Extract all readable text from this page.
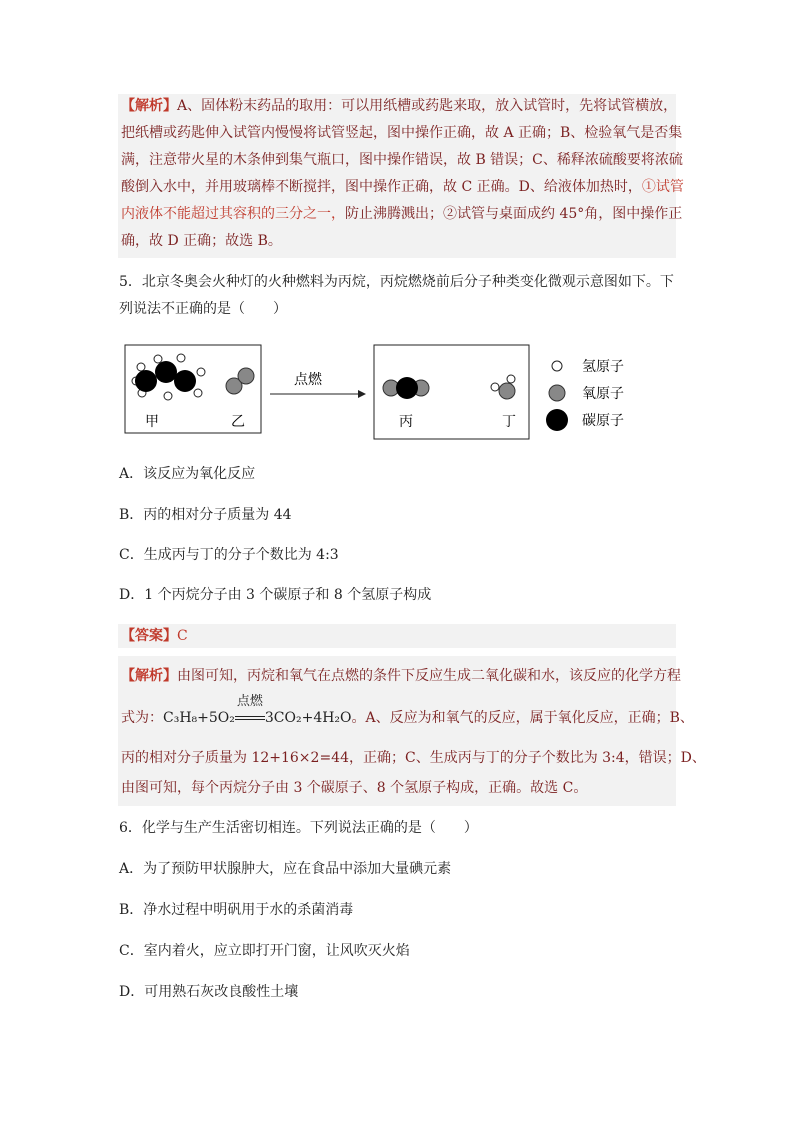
【解析】A、固体粉末药品的取用：可以用纸槽或药匙来取，放入试管时，先将试管横放，
把纸槽或药匙伸入试管内慢慢将试管竖起，图中操作正确，故 A 正确；B、检验氧气是否集
满，注意带火星的木条伸到集气瓶口，图中操作错误，故 B 错误；C、稀释浓硫酸要将浓硫
酸倒入水中，并用玻璃棒不断搅拌，图中操作正确，故 C 正确。D、给液体加热时，①试管
内液体不能超过其容积的三分之一，防止沸腾溅出；②试管与桌面成约 45°角，图中操作正
确，故 D 正确；故选 B。
5．北京冬奥会火种灯的火种燃料为丙烷，丙烷燃烧前后分子种类变化微观示意图如下。下
列说法不正确的是（　　）
甲	乙
点燃
丙	丁
氢原子
氧原子
碳原子
A．该反应为氧化反应
B．丙的相对分子质量为 44
C．生成丙与丁的分子个数比为 4:3
D．1 个丙烷分子由 3 个碳原子和 8 个氢原子构成
【答案】C
【解析】由图可知，丙烷和氧气在点燃的条件下反应生成二氧化碳和水，该反应的化学方程
式为：C₃H₈+5O₂
点燃
3CO₂+4H₂O。A、反应为和氧气的反应，属于氧化反应，正确；B、
丙的相对分子质量为 12+16×2=44，正确；C、生成丙与丁的分子个数比为 3:4，错误；D、
由图可知，每个丙烷分子由 3 个碳原子、8 个氢原子构成，正确。故选 C。
6．化学与生产生活密切相连。下列说法正确的是（　　）
A．为了预防甲状腺肿大，应在食品中添加大量碘元素
B．净水过程中明矾用于水的杀菌消毒
C．室内着火，应立即打开门窗，让风吹灭火焰
D．可用熟石灰改良酸性土壤
